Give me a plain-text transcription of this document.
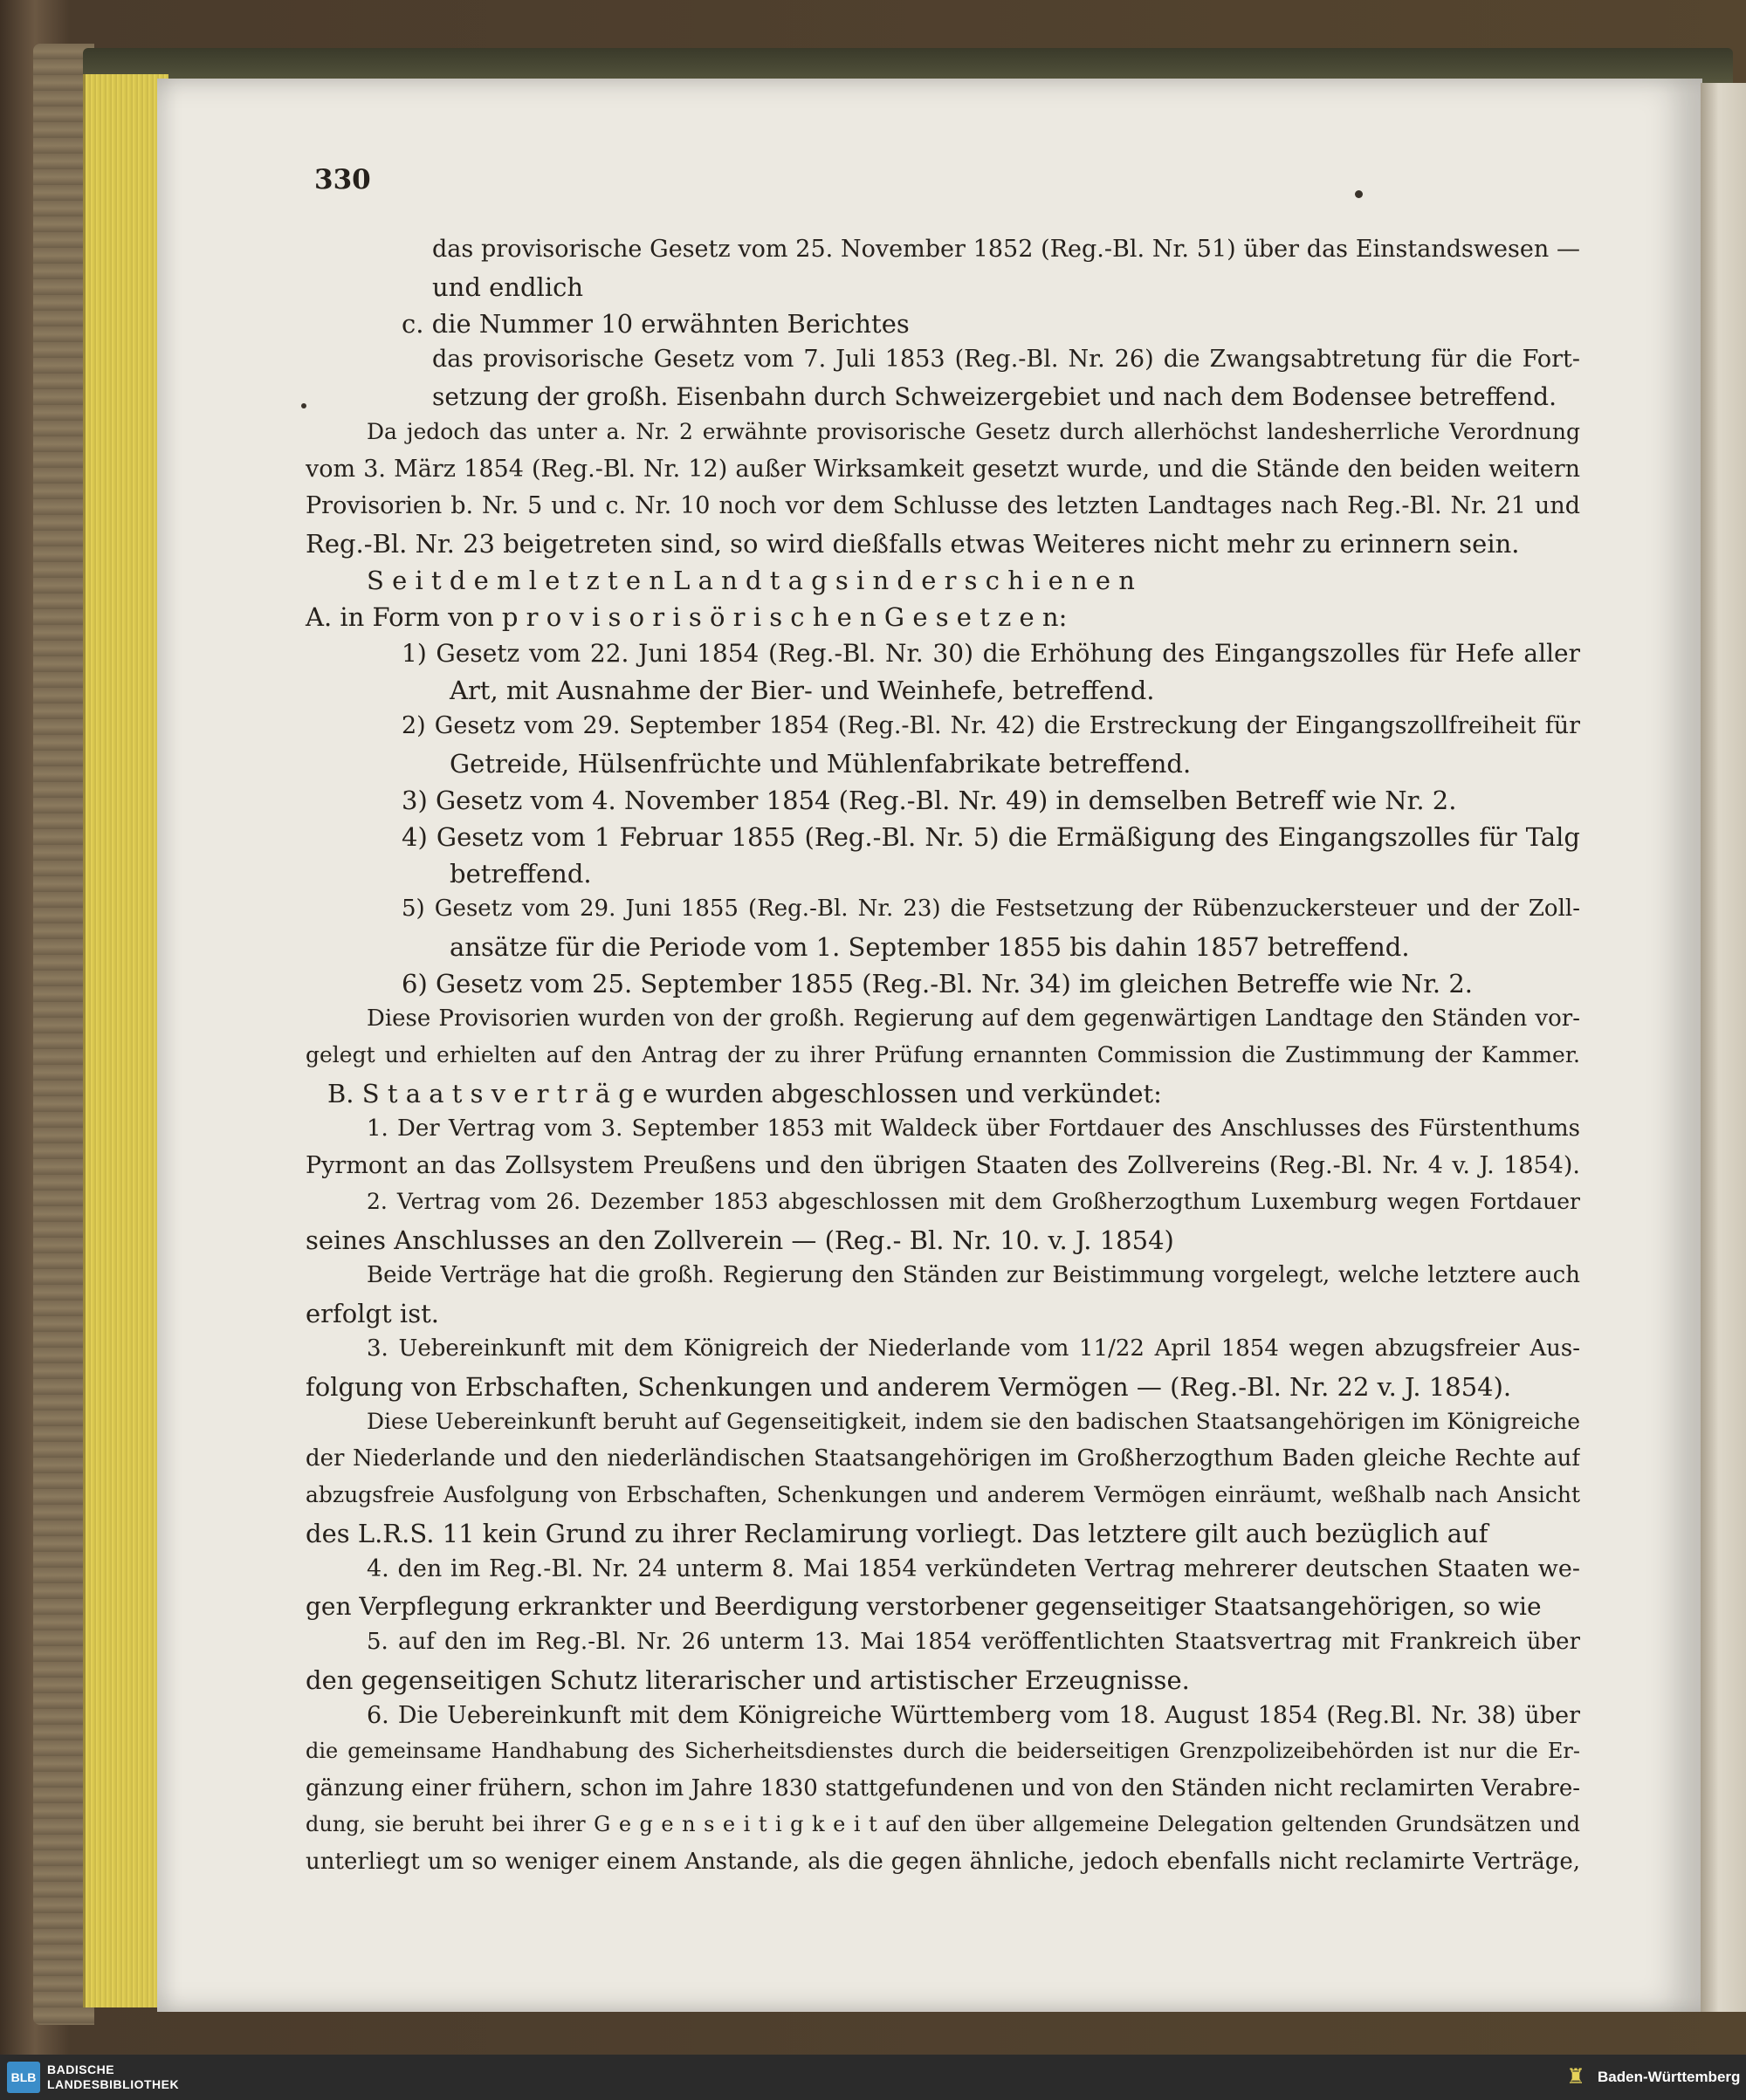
330
BLB
BADISCHE
LANDESBIBLIOTHEK	♜ Baden-Württemberg
das provisorische Gesetz vom 25. November 1852 (Reg.-Bl. Nr. 51) über das Einstandswesen —
und endlich
c. die Nummer 10 erwähnten Berichtes
das provisorische Gesetz vom 7. Juli 1853 (Reg.-Bl. Nr. 26) die Zwangsabtretung für die Fort-
setzung der großh. Eisenbahn durch Schweizergebiet und nach dem Bodensee betreffend.
Da jedoch das unter a. Nr. 2 erwähnte provisorische Gesetz durch allerhöchst landesherrliche Verordnung
vom 3. März 1854 (Reg.-Bl. Nr. 12) außer Wirksamkeit gesetzt wurde, und die Stände den beiden weitern
Provisorien b. Nr. 5 und c. Nr. 10 noch vor dem Schlusse des letzten Landtages nach Reg.-Bl. Nr. 21 und
Reg.-Bl. Nr. 23 beigetreten sind, so wird dießfalls etwas Weiteres nicht mehr zu erinnern sein.
S e i t d e m l e t z t e n L a n d t a g s i n d e r s c h i e n e n
A. in Form von p r o v i s o r i s ö r i s c h e n G e s e t z e n:
1) Gesetz vom 22. Juni 1854 (Reg.-Bl. Nr. 30) die Erhöhung des Eingangszolles für Hefe aller
Art, mit Ausnahme der Bier- und Weinhefe, betreffend.
2) Gesetz vom 29. September 1854 (Reg.-Bl. Nr. 42) die Erstreckung der Eingangszollfreiheit für
Getreide, Hülsenfrüchte und Mühlenfabrikate betreffend.
3) Gesetz vom 4. November 1854 (Reg.-Bl. Nr. 49) in demselben Betreff wie Nr. 2.
4) Gesetz vom 1 Februar 1855 (Reg.-Bl. Nr. 5) die Ermäßigung des Eingangszolles für Talg
betreffend.
5) Gesetz vom 29. Juni 1855 (Reg.-Bl. Nr. 23) die Festsetzung der Rübenzuckersteuer und der Zoll-
ansätze für die Periode vom 1. September 1855 bis dahin 1857 betreffend.
6) Gesetz vom 25. September 1855 (Reg.-Bl. Nr. 34) im gleichen Betreffe wie Nr. 2.
Diese Provisorien wurden von der großh. Regierung auf dem gegenwärtigen Landtage den Ständen vor-
gelegt und erhielten auf den Antrag der zu ihrer Prüfung ernannten Commission die Zustimmung der Kammer.
B. S t a a t s v e r t r ä g e wurden abgeschlossen und verkündet:
1. Der Vertrag vom 3. September 1853 mit Waldeck über Fortdauer des Anschlusses des Fürstenthums
Pyrmont an das Zollsystem Preußens und den übrigen Staaten des Zollvereins (Reg.-Bl. Nr. 4 v. J. 1854).
2. Vertrag vom 26. Dezember 1853 abgeschlossen mit dem Großherzogthum Luxemburg wegen Fortdauer
seines Anschlusses an den Zollverein — (Reg.- Bl. Nr. 10. v. J. 1854)
Beide Verträge hat die großh. Regierung den Ständen zur Beistimmung vorgelegt, welche letztere auch
erfolgt ist.
3. Uebereinkunft mit dem Königreich der Niederlande vom 11/22 April 1854 wegen abzugsfreier Aus-
folgung von Erbschaften, Schenkungen und anderem Vermögen — (Reg.-Bl. Nr. 22 v. J. 1854).
Diese Uebereinkunft beruht auf Gegenseitigkeit, indem sie den badischen Staatsangehörigen im Königreiche
der Niederlande und den niederländischen Staatsangehörigen im Großherzogthum Baden gleiche Rechte auf
abzugsfreie Ausfolgung von Erbschaften, Schenkungen und anderem Vermögen einräumt, weßhalb nach Ansicht
des L.R.S. 11 kein Grund zu ihrer Reclamirung vorliegt. Das letztere gilt auch bezüglich auf
4. den im Reg.-Bl. Nr. 24 unterm 8. Mai 1854 verkündeten Vertrag mehrerer deutschen Staaten we-
gen Verpflegung erkrankter und Beerdigung verstorbener gegenseitiger Staatsangehörigen, so wie
5. auf den im Reg.-Bl. Nr. 26 unterm 13. Mai 1854 veröffentlichten Staatsvertrag mit Frankreich über
den gegenseitigen Schutz literarischer und artistischer Erzeugnisse.
6. Die Uebereinkunft mit dem Königreiche Württemberg vom 18. August 1854 (Reg.Bl. Nr. 38) über
die gemeinsame Handhabung des Sicherheitsdienstes durch die beiderseitigen Grenzpolizeibehörden ist nur die Er-
gänzung einer frühern, schon im Jahre 1830 stattgefundenen und von den Ständen nicht reclamirten Verabre-
dung, sie beruht bei ihrer G e g e n s e i t i g k e i t auf den über allgemeine Delegation geltenden Grundsätzen und
unterliegt um so weniger einem Anstande, als die gegen ähnliche, jedoch ebenfalls nicht reclamirte Verträge,
